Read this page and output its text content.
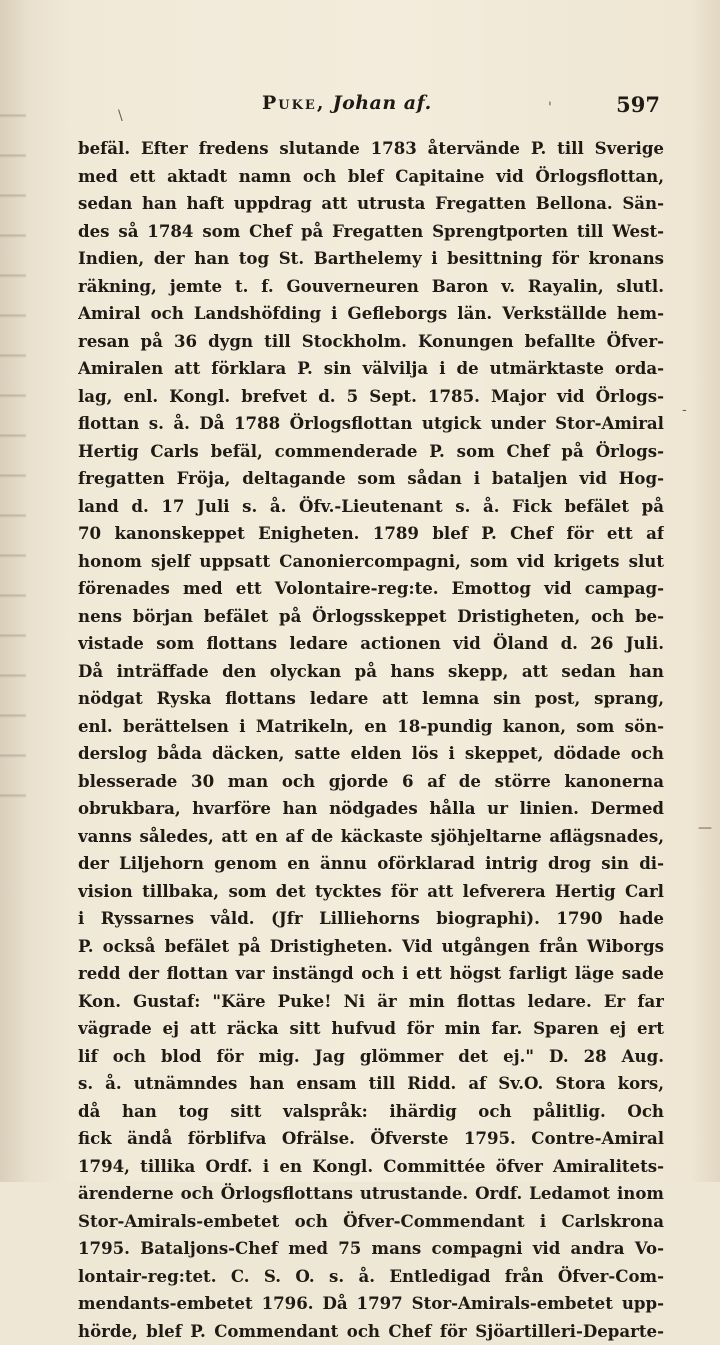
Puke, Johan af.	597
befäl. Efter fredens slutande 1783 återvände P. till Sverige
med ett aktadt namn och blef Capitaine vid Örlogsflottan,
sedan han haft uppdrag att utrusta Fregatten Bellona. Sän-
des så 1784 som Chef på Fregatten Sprengtporten till West-
Indien, der han tog St. Barthelemy i besittning för kronans
räkning, jemte t. f. Gouverneuren Baron v. Rayalin, slutl.
Amiral och Landshöfding i Gefleborgs län. Verkställde hem-
resan på 36 dygn till Stockholm. Konungen befallte Öfver-
Amiralen att förklara P. sin välvilja i de utmärktaste orda-
lag, enl. Kongl. brefvet d. 5 Sept. 1785. Major vid Örlogs-
flottan s. å. Då 1788 Örlogsflottan utgick under Stor-Amiral
Hertig Carls befäl, commenderade P. som Chef på Örlogs-
fregatten Fröja, deltagande som sådan i bataljen vid Hog-
land d. 17 Juli s. å. Öfv.-Lieutenant s. å. Fick befälet på
70 kanonskeppet Enigheten. 1789 blef P. Chef för ett af
honom sjelf uppsatt Canoniercompagni, som vid krigets slut
förenades med ett Volontaire-reg:te. Emottog vid campag-
nens början befälet på Örlogsskeppet Dristigheten, och be-
vistade som flottans ledare actionen vid Öland d. 26 Juli.
Då inträffade den olyckan på hans skepp, att sedan han
nödgat Ryska flottans ledare att lemna sin post, sprang,
enl. berättelsen i Matrikeln, en 18-pundig kanon, som sön-
derslog båda däcken, satte elden lös i skeppet, dödade och
blesserade 30 man och gjorde 6 af de större kanonerna
obrukbara, hvarföre han nödgades hålla ur linien. Dermed
vanns således, att en af de käckaste sjöhjeltarne aflägsnades,
der Liljehorn genom en ännu oförklarad intrig drog sin di-
vision tillbaka, som det tycktes för att lefverera Hertig Carl
i Ryssarnes våld. (Jfr Lilliehorns biographi). 1790 hade
P. också befälet på Dristigheten. Vid utgången från Wiborgs
redd der flottan var instängd och i ett högst farligt läge sade
Kon. Gustaf: "Käre Puke! Ni är min flottas ledare. Er far
vägrade ej att räcka sitt hufvud för min far. Sparen ej ert
lif och blod för mig. Jag glömmer det ej." D. 28 Aug.
s. å. utnämndes han ensam till Ridd. af Sv.O. Stora kors,
då han tog sitt valspråk: ihärdig och pålitlig. Och
fick ändå förblifva Ofrälse. Öfverste 1795. Contre-Amiral
1794, tillika Ordf. i en Kongl. Committée öfver Amiralitets-
ärenderne och Örlogsflottans utrustande. Ordf. Ledamot inom
Stor-Amirals-embetet och Öfver-Commendant i Carlskrona
1795. Bataljons-Chef med 75 mans compagni vid andra Vo-
lontair-reg:tet. C. S. O. s. å. Entledigad från Öfver-Com-
mendants-embetet 1796. Då 1797 Stor-Amirals-embetet upp-
hörde, blef P. Commendant och Chef för Sjöartilleri-Departe-
\	'
-
—
